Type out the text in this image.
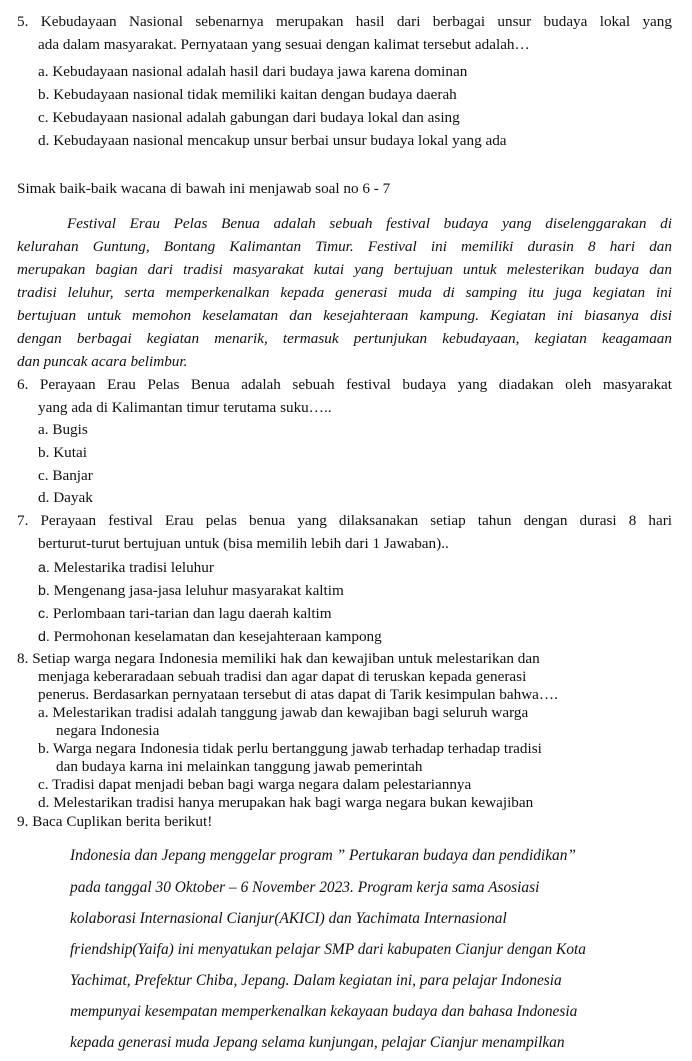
5. Kebudayaan Nasional sebenarnya merupakan hasil dari berbagai unsur budaya lokal yang
ada dalam masyarakat. Pernyataan yang sesuai dengan kalimat tersebut adalah…
a. Kebudayaan nasional adalah hasil dari budaya jawa karena dominan
b. Kebudayaan nasional tidak memiliki kaitan dengan budaya daerah
c. Kebudayaan nasional adalah gabungan dari budaya lokal dan asing
d. Kebudayaan nasional mencakup unsur berbai unsur budaya lokal yang ada
Simak baik-baik wacana di bawah ini menjawab soal no 6 - 7
Festival Erau Pelas Benua adalah sebuah festival budaya yang diselenggarakan di
kelurahan Guntung, Bontang Kalimantan Timur. Festival ini memiliki durasin 8 hari dan
merupakan bagian dari tradisi masyarakat kutai yang bertujuan untuk melesterikan budaya dan
tradisi leluhur, serta memperkenalkan kepada generasi muda di samping itu juga kegiatan ini
bertujuan untuk memohon keselamatan dan kesejahteraan kampung. Kegiatan ini biasanya disi
dengan berbagai kegiatan menarik, termasuk pertunjukan kebudayaan, kegiatan keagamaan
dan puncak acara belimbur.
6. Perayaan Erau Pelas Benua adalah sebuah festival budaya yang diadakan oleh masyarakat
yang ada di Kalimantan timur terutama suku…..
a. Bugis
b. Kutai
c. Banjar
d. Dayak
7. Perayaan festival Erau pelas benua yang dilaksanakan setiap tahun dengan durasi 8 hari
berturut-turut bertujuan untuk (bisa memilih lebih dari 1 Jawaban)..
a. Melestarika tradisi leluhur
b. Mengenang jasa-jasa leluhur masyarakat kaltim
c. Perlombaan tari-tarian dan lagu daerah kaltim
d. Permohonan keselamatan dan kesejahteraan kampong
8. Setiap warga negara Indonesia memiliki hak dan kewajiban untuk melestarikan dan
menjaga keberaradaan sebuah tradisi dan agar dapat di teruskan kepada generasi
penerus. Berdasarkan pernyataan tersebut di atas dapat di Tarik kesimpulan bahwa….
a. Melestarikan tradisi adalah tanggung jawab dan kewajiban bagi seluruh warga
negara Indonesia
b. Warga negara Indonesia tidak perlu bertanggung jawab terhadap terhadap tradisi
dan budaya karna ini melainkan tanggung jawab pemerintah
c. Tradisi dapat menjadi beban bagi warga negara dalam pelestariannya
d. Melestarikan tradisi hanya merupakan hak bagi warga negara bukan kewajiban
9. Baca Cuplikan berita berikut!
Indonesia dan Jepang menggelar program ” Pertukaran budaya dan pendidikan”
pada tanggal 30 Oktober – 6 November 2023. Program kerja sama Asosiasi
kolaborasi Internasional Cianjur(AKICI) dan Yachimata Internasional
friendship(Yaifa) ini menyatukan pelajar SMP dari kabupaten Cianjur dengan Kota
Yachimat, Prefektur Chiba, Jepang. Dalam kegiatan ini, para pelajar Indonesia
mempunyai kesempatan memperkenalkan kekayaan budaya dan bahasa Indonesia
kepada generasi muda Jepang selama kunjungan, pelajar Cianjur menampilkan
